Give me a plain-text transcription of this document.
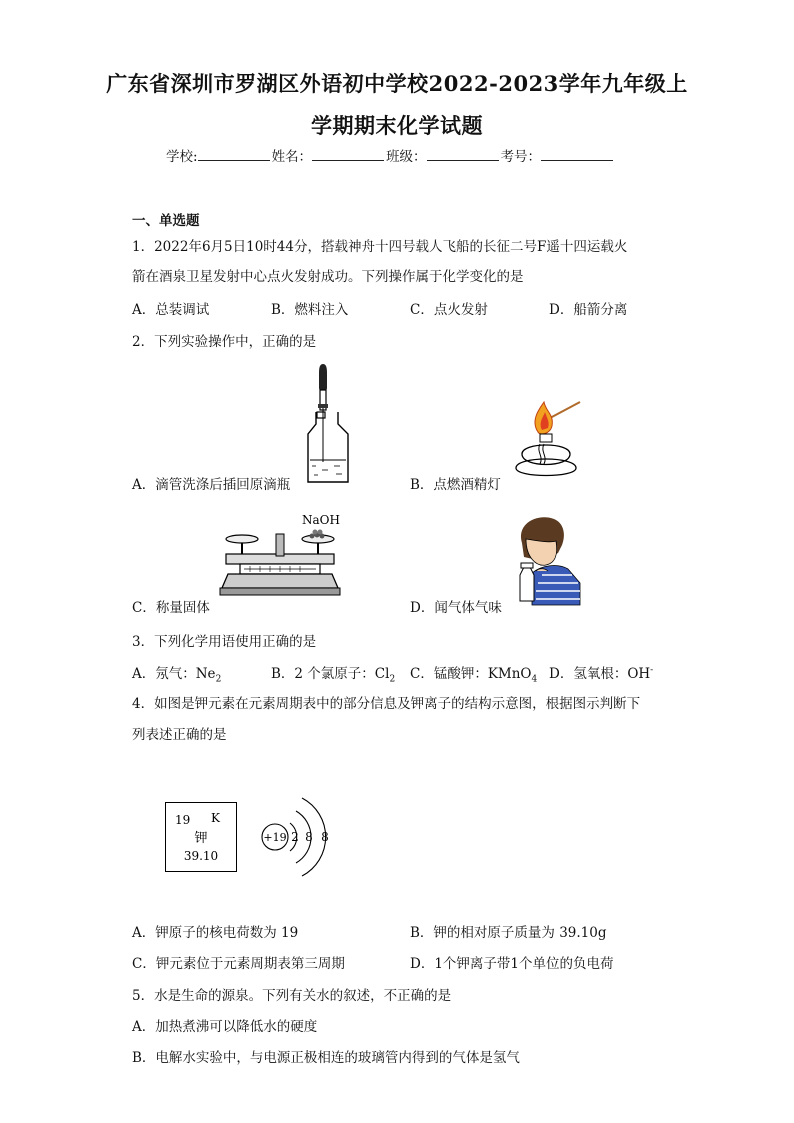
广东省深圳市罗湖区外语初中学校2022-2023学年九年级上
学期期末化学试题
学校:	姓名：	班级：	考号：
一、单选题
1．2022年6月5日10时44分，搭载神舟十四号载人飞船的长征二号F遥十四运载火
箭在酒泉卫星发射中心点火发射成功。下列操作属于化学变化的是
A．总装调试	B．燃料注入	C．点火发射	D．船箭分离
2．下列实验操作中，正确的是
A．滴管洗涤后插回原滴瓶	B．点燃酒精灯
NaOH
C．称量固体	D．闻气体气味
3．下列化学用语使用正确的是
A．氖气：$Ne_2$	B．2 个氯原子：$Cl_2$ C．锰酸钾：KMnO$_4$ D．氢氧根：OH-
4．如图是钾元素在元素周期表中的部分信息及钾离子的结构示意图，根据图示判断下
列表述正确的是
19 K
钾
39.10
+19 2 8 8
A．钾原子的核电荷数为 19	B．钾的相对原子质量为 39.10g
C．钾元素位于元素周期表第三周期	D．1个钾离子带1个单位的负电荷
5．水是生命的源泉。下列有关水的叙述，不正确的是
A．加热煮沸可以降低水的硬度
B．电解水实验中，与电源正极相连的玻璃管内得到的气体是氢气
